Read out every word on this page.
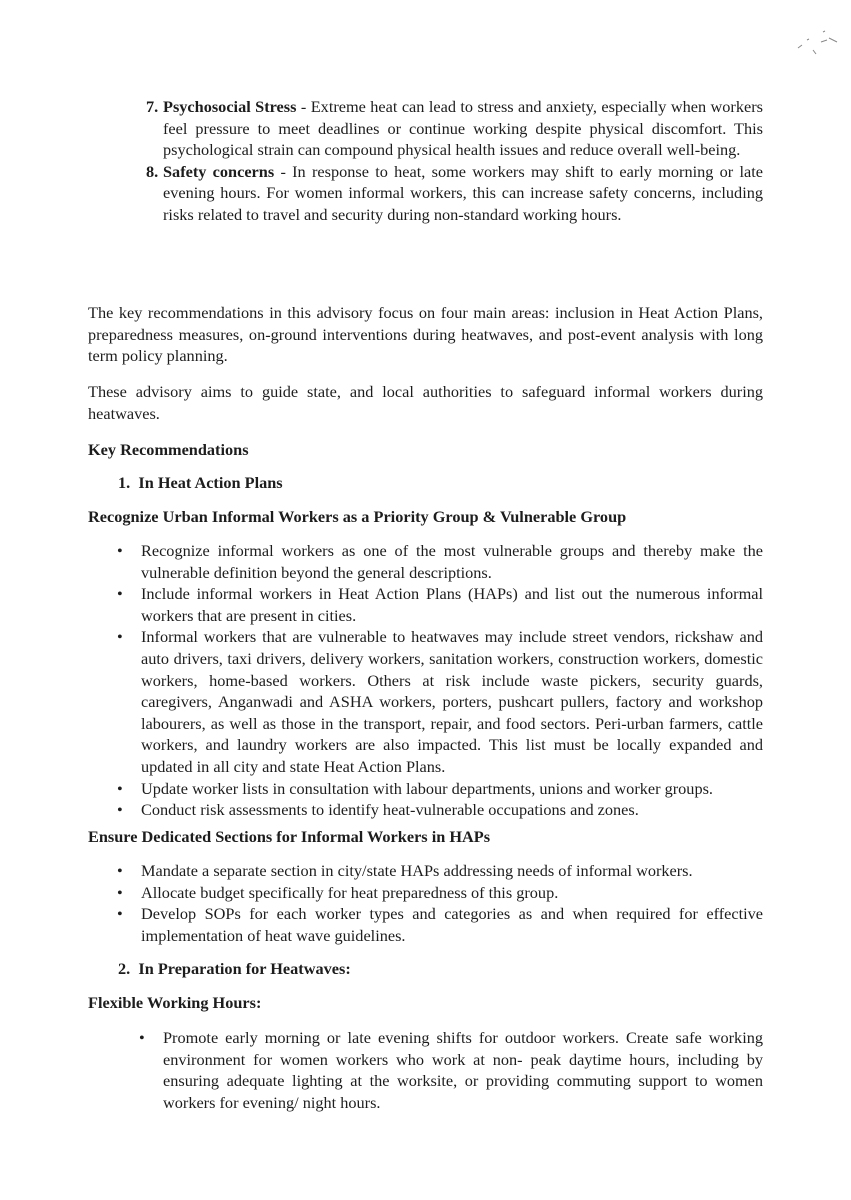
7. Psychosocial Stress - Extreme heat can lead to stress and anxiety, especially when workers feel pressure to meet deadlines or continue working despite physical discomfort. This psychological strain can compound physical health issues and reduce overall well-being.
8. Safety concerns - In response to heat, some workers may shift to early morning or late evening hours. For women informal workers, this can increase safety concerns, including risks related to travel and security during non-standard working hours.
The key recommendations in this advisory focus on four main areas: inclusion in Heat Action Plans, preparedness measures, on-ground interventions during heatwaves, and post-event analysis with long term policy planning.
These advisory aims to guide state, and local authorities to safeguard informal workers during heatwaves.
Key Recommendations
1. In Heat Action Plans
Recognize Urban Informal Workers as a Priority Group & Vulnerable Group
• Recognize informal workers as one of the most vulnerable groups and thereby make the vulnerable definition beyond the general descriptions.
• Include informal workers in Heat Action Plans (HAPs) and list out the numerous informal workers that are present in cities.
• Informal workers that are vulnerable to heatwaves may include street vendors, rickshaw and auto drivers, taxi drivers, delivery workers, sanitation workers, construction workers, domestic workers, home-based workers. Others at risk include waste pickers, security guards, caregivers, Anganwadi and ASHA workers, porters, pushcart pullers, factory and workshop labourers, as well as those in the transport, repair, and food sectors. Peri-urban farmers, cattle workers, and laundry workers are also impacted. This list must be locally expanded and updated in all city and state Heat Action Plans.
• Update worker lists in consultation with labour departments, unions and worker groups.
• Conduct risk assessments to identify heat-vulnerable occupations and zones.
Ensure Dedicated Sections for Informal Workers in HAPs
• Mandate a separate section in city/state HAPs addressing needs of informal workers.
• Allocate budget specifically for heat preparedness of this group.
• Develop SOPs for each worker types and categories as and when required for effective implementation of heat wave guidelines.
2. In Preparation for Heatwaves:
Flexible Working Hours:
• Promote early morning or late evening shifts for outdoor workers. Create safe working environment for women workers who work at non- peak daytime hours, including by ensuring adequate lighting at the worksite, or providing commuting support to women workers for evening/ night hours.
